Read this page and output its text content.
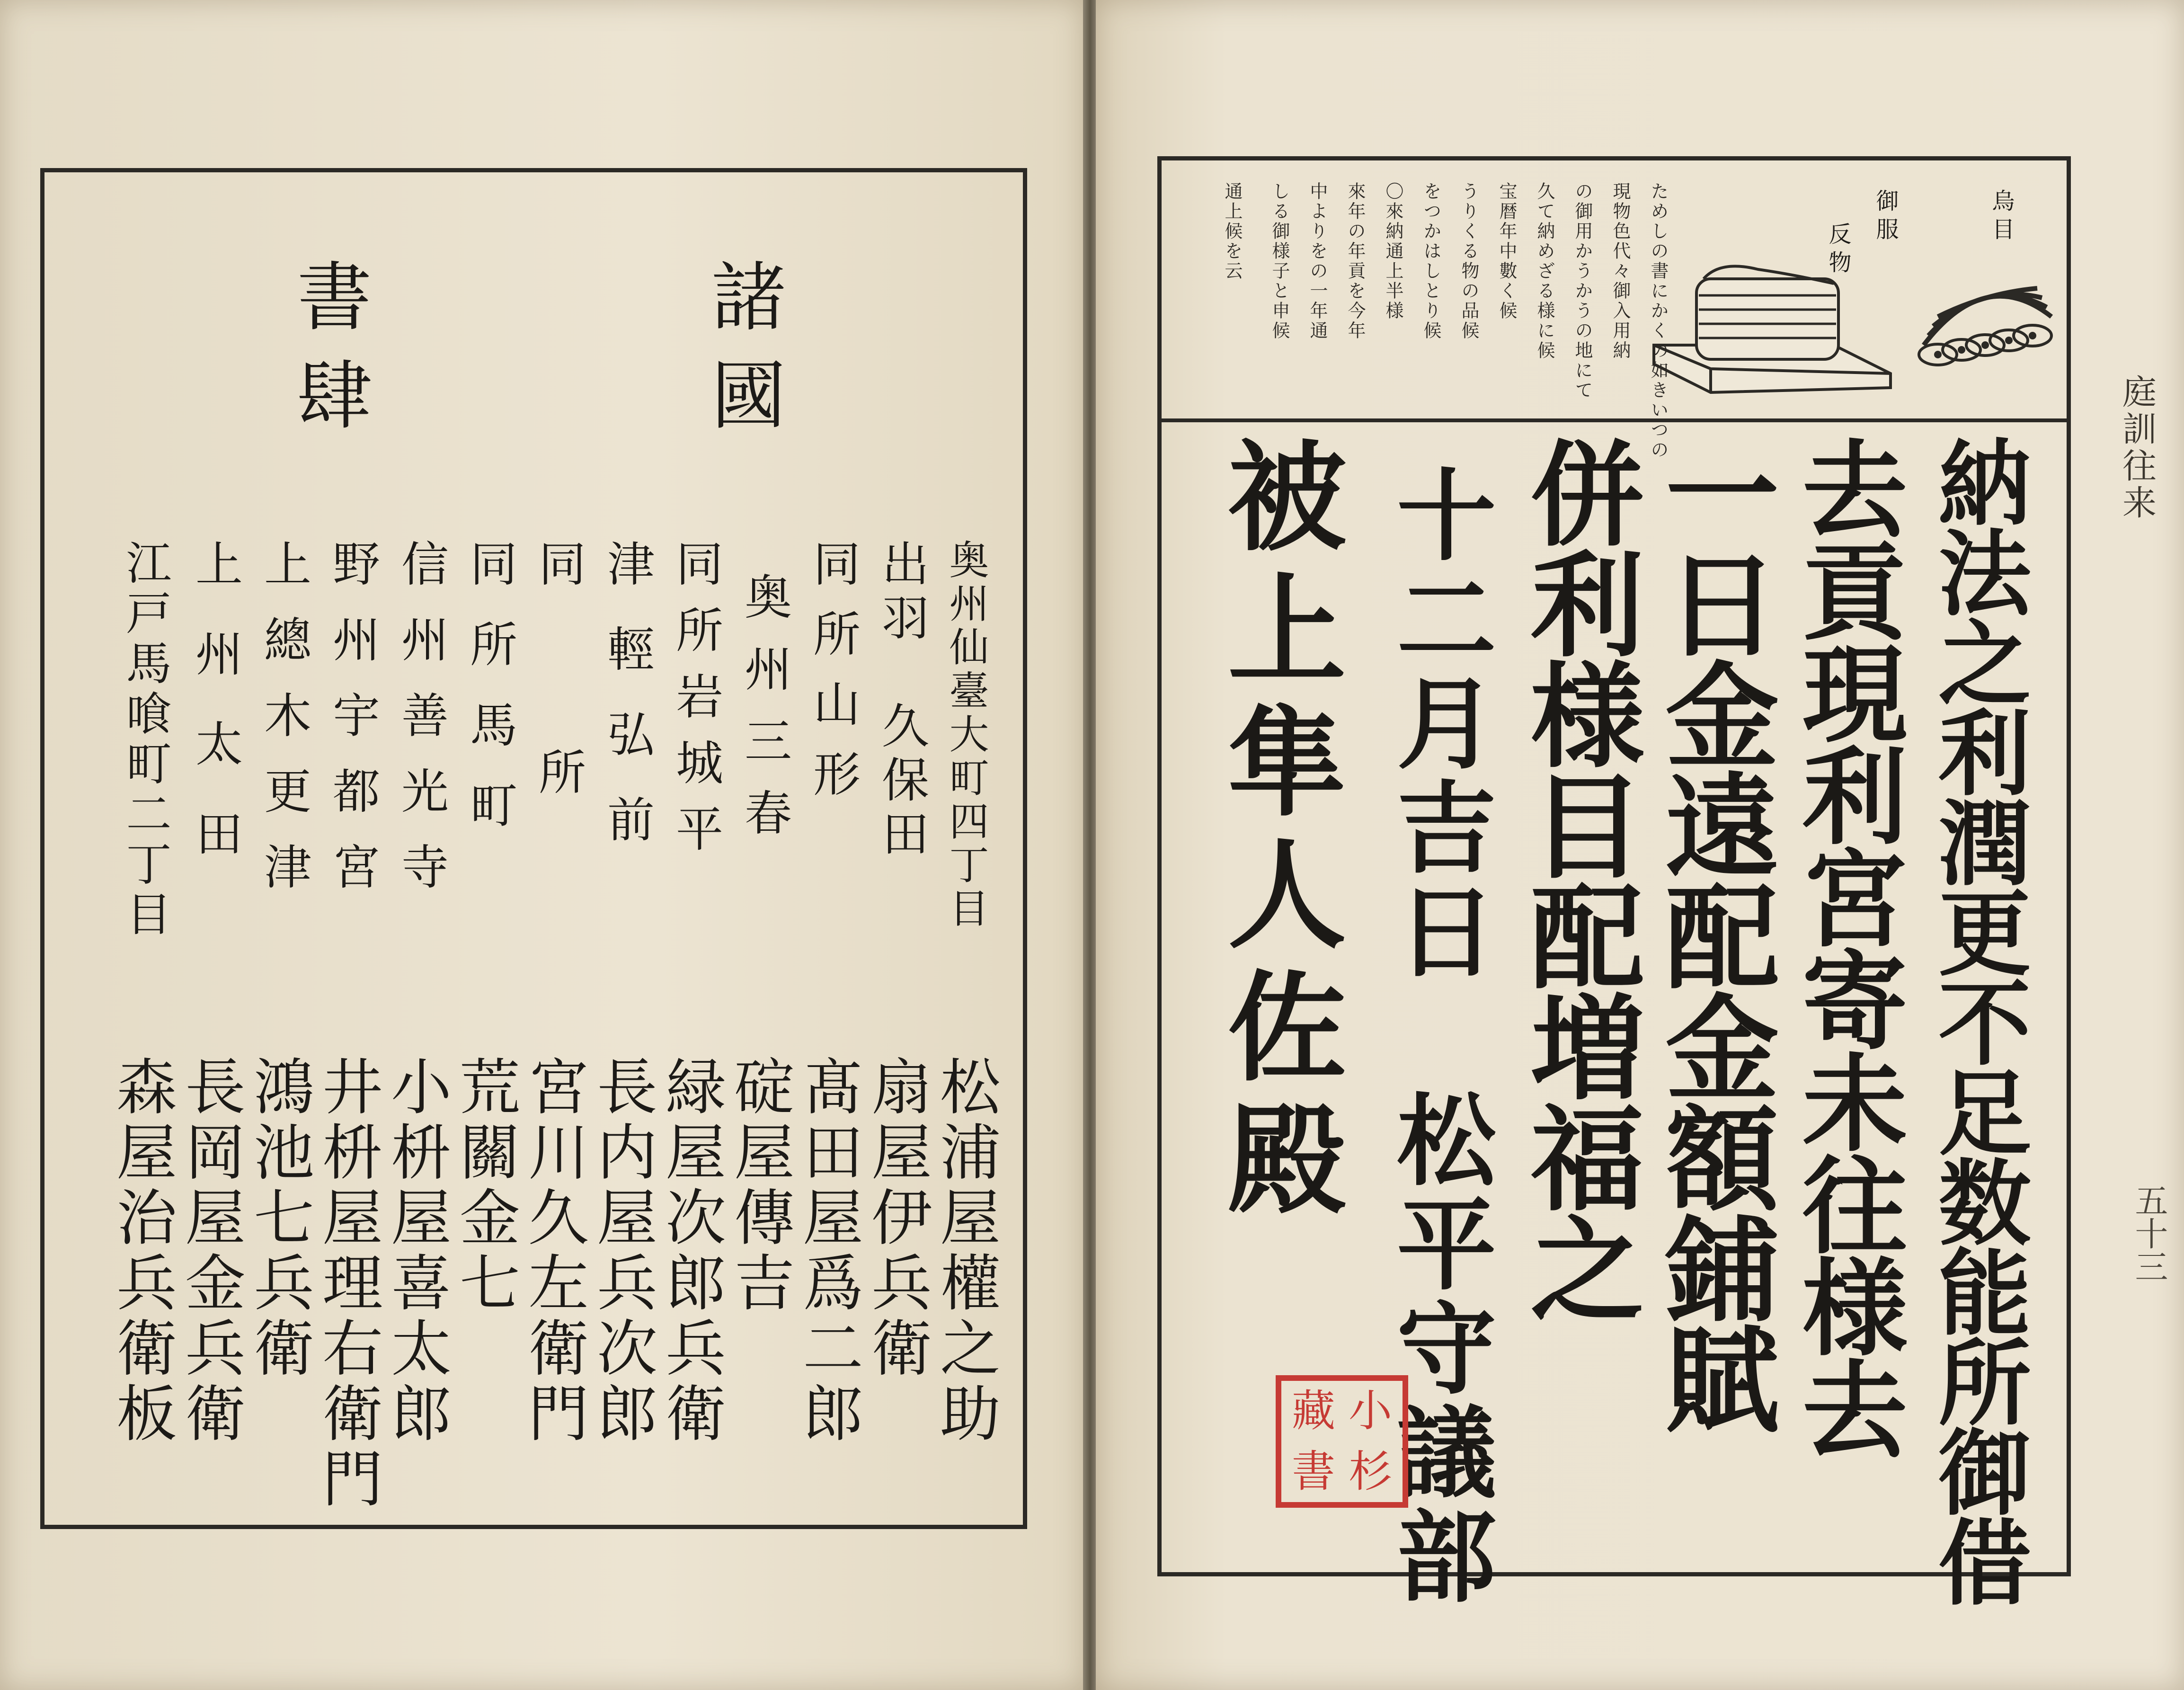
諸國
書肆
奥州仙臺大町四丁目
松浦屋權之助
出羽　久保田
扇屋伊兵衛
同所山形
髙田屋爲二郎
奥州三春
碇屋傳吉
同所岩城平
緑屋次郎兵衛
津輕弘前
長内屋兵次郎
同　　　所
宮川久左衛門
同所馬町
荒關金七
信州善光寺
小枡屋喜太郎
野州宇都宮
井枡屋理右衛門
上總木更津
鴻池七兵衛
上州太田
長岡屋金兵衛
江戸馬喰町二丁目
森屋治兵衛板
烏目
御服
反物
ためしの書にかくの如きいつの
現物色代々御入用納
の御用かうかうの地にて
久て納めざる様に候
宝暦年中數く候
うりくる物の品候
をつかはしとり候
〇來納通上半様
來年の年貢を今年
中よりをの一年通
しる御様子と申候
通上候を云
納法之利潤更不足数能所御借
去貢現利宮寄未往様去
一日金遠配金額鋪賦
併利様目配増福之
十二月吉日　松平守議部
被上隼人佐殿
小
杉
藏
書
庭訓往来
五十三
